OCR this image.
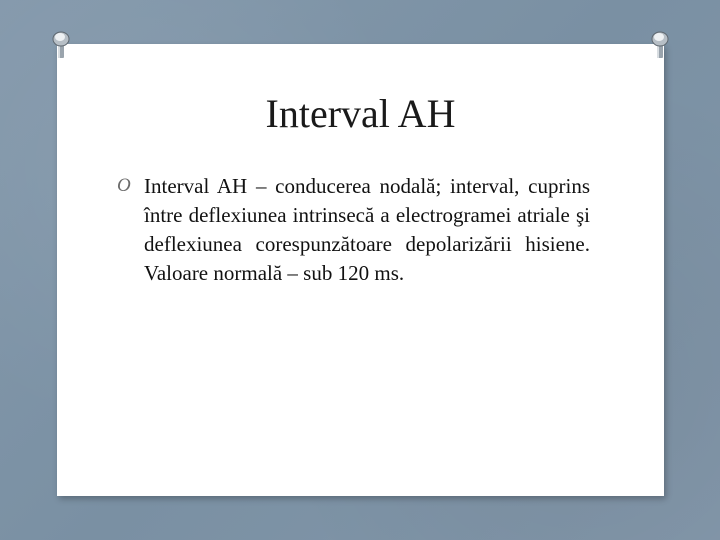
Interval AH
O Interval AH – conducerea nodală; interval, cuprins între deflexiunea intrinsecă a electrogramei atriale şi deflexiunea corespunzătoare depolarizării hisiene. Valoare normală – sub 120 ms.
